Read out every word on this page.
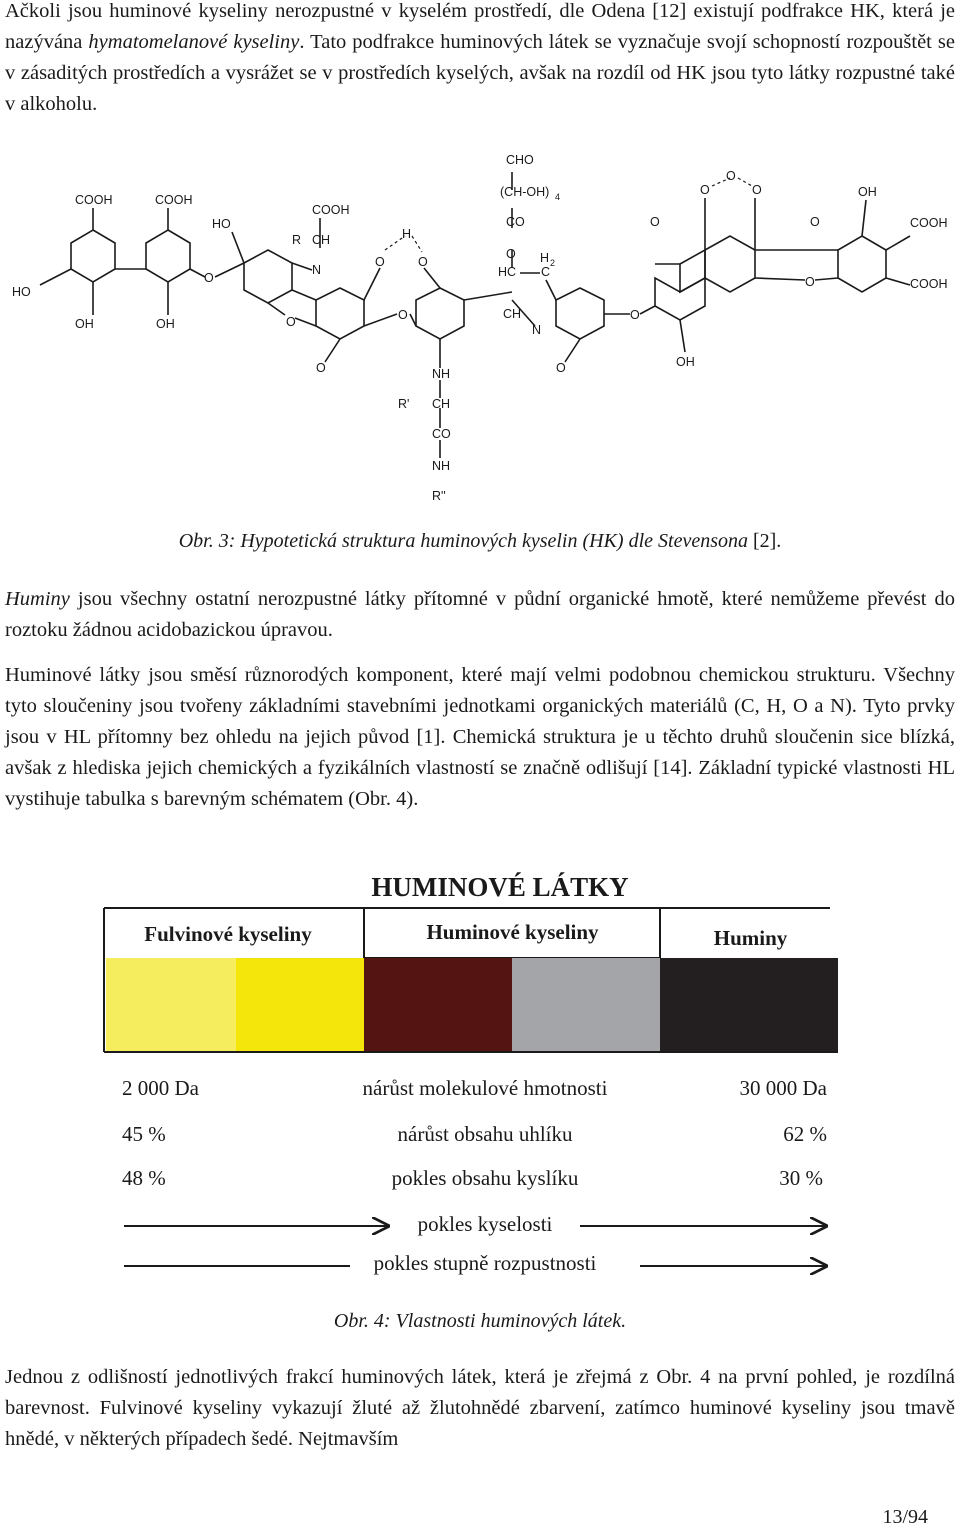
Ačkoli jsou huminové kyseliny nerozpustné v kyselém prostředí, dle Odena [12] existují podfrakce HK, která je nazývána hymatomelanové kyseliny. Tato podfrakce huminových látek se vyznačuje svojí schopností rozpouštět se v zásaditých prostředích a vysrážet se v prostředích kyselých, avšak na rozdíl od HK jsou tyto látky rozpustné také v alkoholu.

COOH	COOH
COOH
COOH
COOH
CHO
(CH-OH) 4
CO
O
HC C
H 2
H
O	O
O
O
O
O
O
O
O
O	O
O
O
O
HO
HO
OH	OH
OH
OH
R CH
N
N
CH
NH
R' CH
CO
NH
R''

Obr. 3: Hypotetická struktura huminových kyselin (HK) dle Stevensona [2].

Huminy jsou všechny ostatní nerozpustné látky přítomné v půdní organické hmotě, které nemůžeme převést do roztoku žádnou acidobazickou úpravou.

Huminové látky jsou směsí různorodých komponent, které mají velmi podobnou chemickou strukturu. Všechny tyto sloučeniny jsou tvořeny základními stavebními jednotkami organických materiálů (C, H, O a N). Tyto prvky jsou v HL přítomny bez ohledu na jejich původ [1]. Chemická struktura je u těchto druhů sloučenin sice blízká, avšak z hlediska jejich chemických a fyzikálních vlastností se značně odlišují [14]. Základní typické vlastnosti HL vystihuje tabulka s barevným schématem (Obr. 4).

HUMINOVÉ LÁTKY
Fulvinové kyseliny	Huminové kyseliny	Huminy
2 000 Da	nárůst molekulové hmotnosti	30 000 Da
45 %	nárůst obsahu uhlíku	62 %
48 %	pokles obsahu kyslíku	30 %
pokles kyselosti
pokles stupně rozpustnosti

Obr. 4: Vlastnosti huminových látek.

Jednou z odlišností jednotlivých frakcí huminových látek, která je zřejmá z Obr. 4 na první pohled, je rozdílná barevnost. Fulvinové kyseliny vykazují žluté až žlutohnědé zbarvení, zatímco huminové kyseliny jsou tmavě hnědé, v některých případech šedé. Nejtmavším

13/94
